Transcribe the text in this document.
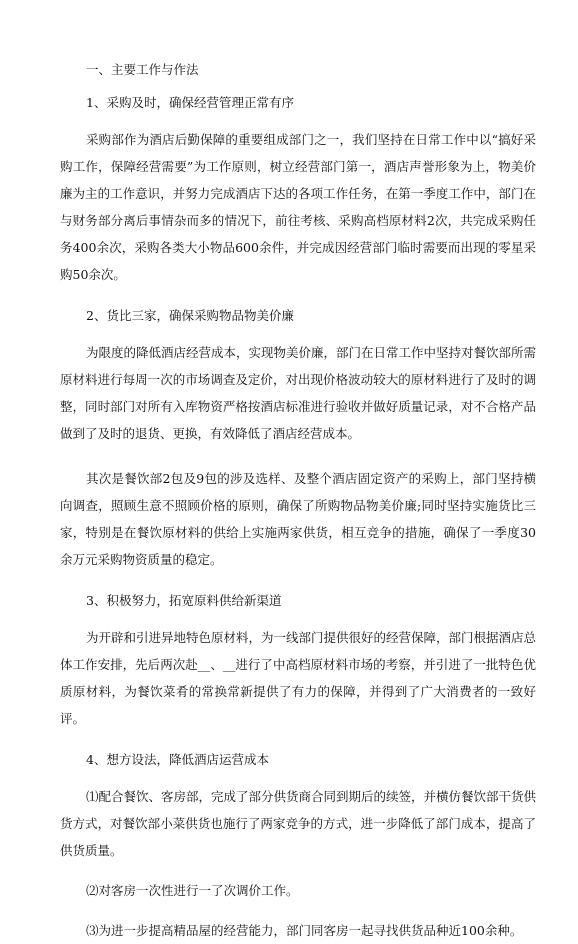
一、主要工作与作法

1、采购及时，确保经营管理正常有序

采购部作为酒店后勤保障的重要组成部门之一，我们坚持在日常工作中以“搞好采购工作，保障经营需要”为工作原则，树立经营部门第一，酒店声誉形象为上，物美价廉为主的工作意识，并努力完成酒店下达的各项工作任务，在第一季度工作中，部门在与财务部分离后事情杂而多的情况下，前往考核、采购高档原材料2次，共完成采购任务400余次，采购各类大小物品600余件，并完成因经营部门临时需要而出现的零星采购50余次。

2、货比三家，确保采购物品物美价廉

为限度的降低酒店经营成本，实现物美价廉，部门在日常工作中坚持对餐饮部所需原材料进行每周一次的市场调查及定价，对出现价格波动较大的原材料进行了及时的调整，同时部门对所有入库物资严格按酒店标准进行验收并做好质量记录，对不合格产品做到了及时的退货、更换，有效降低了酒店经营成本。

其次是餐饮部2包及9包的涉及选样、及整个酒店固定资产的采购上，部门坚持横向调查，照顾生意不照顾价格的原则，确保了所购物品物美价廉;同时坚持实施货比三家，特别是在餐饮原材料的供给上实施两家供货，相互竞争的措施，确保了一季度30余万元采购物资质量的稳定。

3、积极努力，拓宽原料供给新渠道

为开辟和引进异地特色原材料，为一线部门提供很好的经营保障，部门根据酒店总体工作安排，先后两次赴__、__进行了中高档原材料市场的考察，并引进了一批特色优质原材料，为餐饮菜肴的常换常新提供了有力的保障，并得到了广大消费者的一致好评。

4、想方设法，降低酒店运营成本

⑴配合餐饮、客房部，完成了部分供货商合同到期后的续签，并横仿餐饮部干货供货方式，对餐饮部小菜供货也施行了两家竞争的方式，进一步降低了部门成本，提高了供货质量。

⑵对客房一次性进行一了次调价工作。

⑶为进一步提高精品屋的经营能力，部门同客房一起寻找供货品种近100余种。
